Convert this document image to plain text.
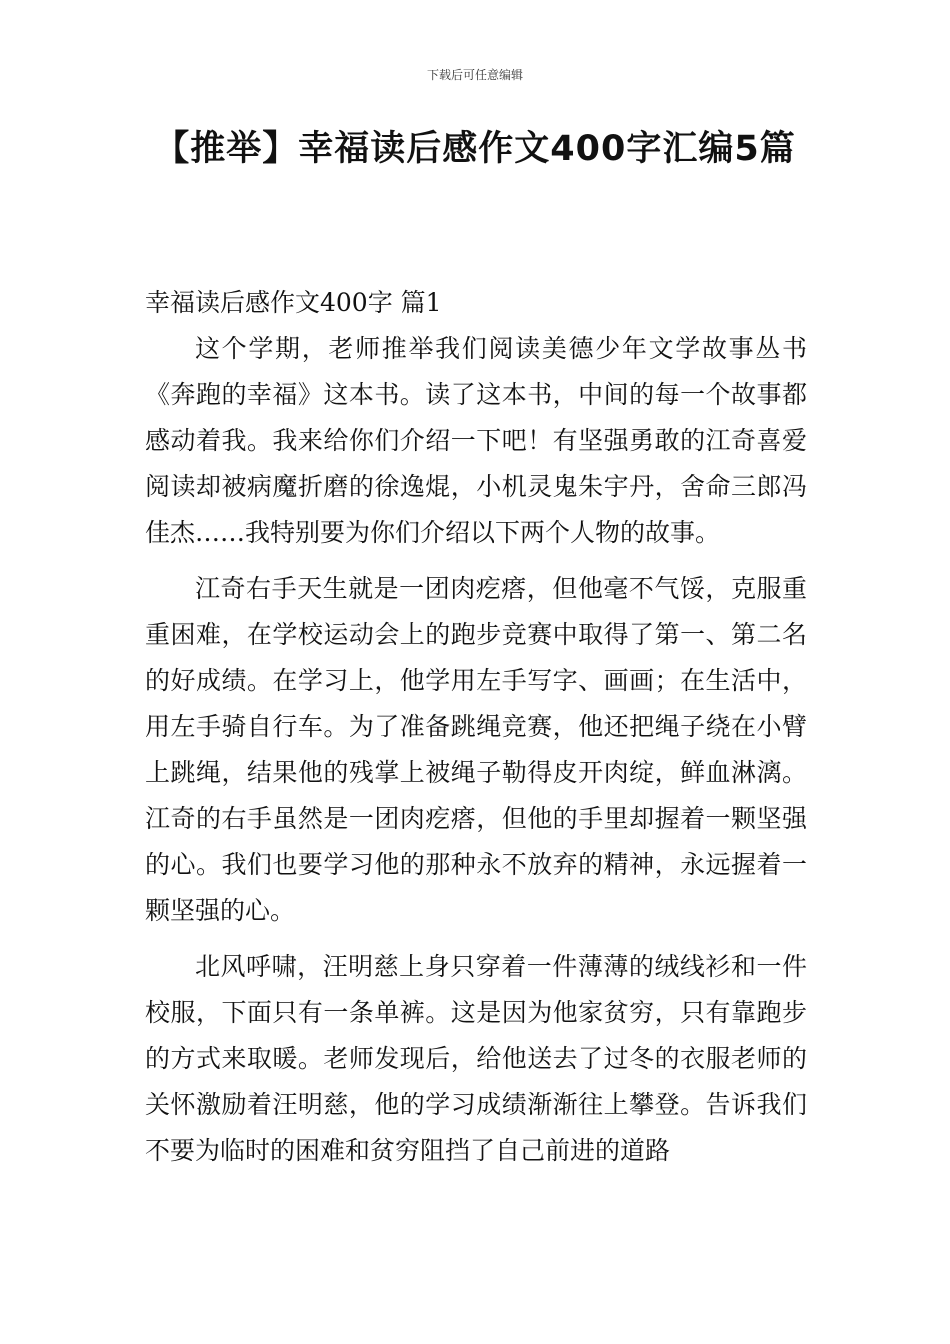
下载后可任意编辑
【推举】幸福读后感作文400字汇编5篇
幸福读后感作文400字 篇1

这个学期，老师推举我们阅读美德少年文学故事丛书《奔跑的幸福》这本书。读了这本书，中间的每一个故事都感动着我。我来给你们介绍一下吧！有坚强勇敢的江奇喜爱阅读却被病魔折磨的徐逸焜，小机灵鬼朱宇丹，舍命三郎冯佳杰……我特别要为你们介绍以下两个人物的故事。

江奇右手天生就是一团肉疙瘩，但他毫不气馁，克服重重困难，在学校运动会上的跑步竞赛中取得了第一、第二名的好成绩。在学习上，他学用左手写字、画画；在生活中，用左手骑自行车。为了准备跳绳竞赛，他还把绳子绕在小臂上跳绳，结果他的残掌上被绳子勒得皮开肉绽，鲜血淋漓。江奇的右手虽然是一团肉疙瘩，但他的手里却握着一颗坚强的心。我们也要学习他的那种永不放弃的精神，永远握着一颗坚强的心。

北风呼啸，汪明慈上身只穿着一件薄薄的绒线衫和一件校服，下面只有一条单裤。这是因为他家贫穷，只有靠跑步的方式来取暖。老师发现后，给他送去了过冬的衣服老师的关怀激励着汪明慈，他的学习成绩渐渐往上攀登。告诉我们不要为临时的困难和贫穷阻挡了自己前进的道路
